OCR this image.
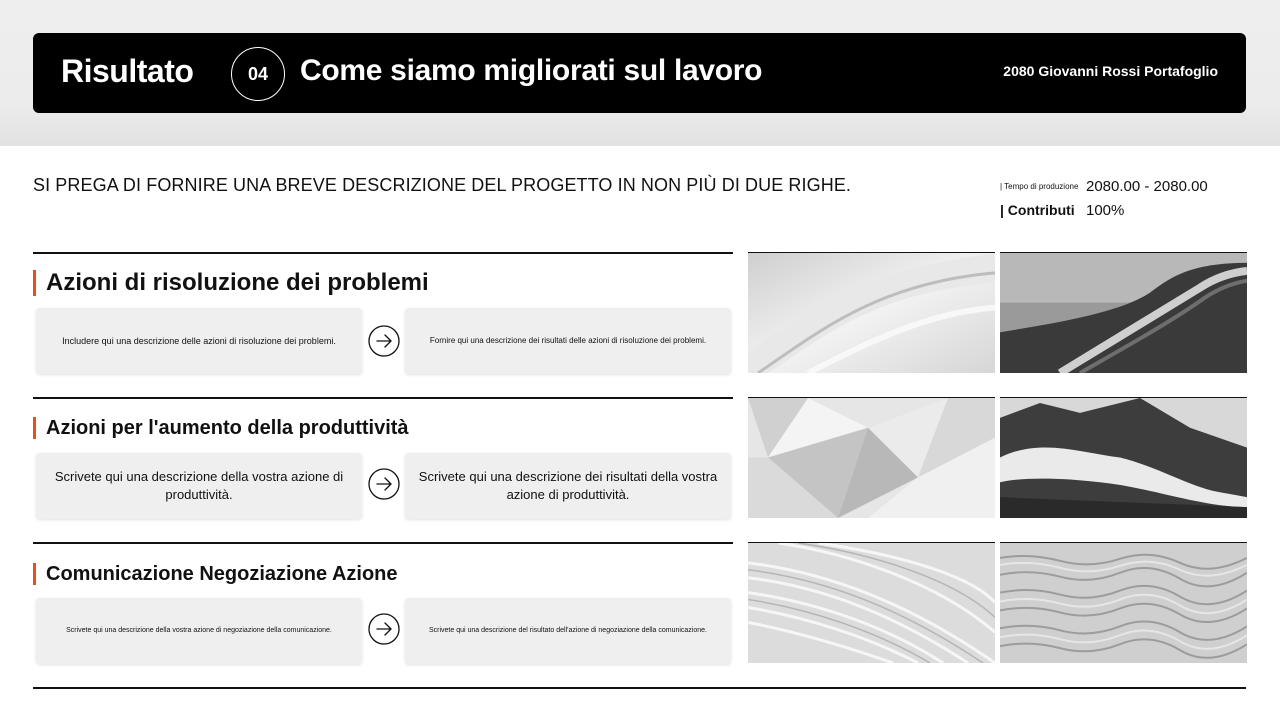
Risultato	04	Come siamo migliorati sul lavoro	2080 Giovanni Rossi Portafoglio
SI PREGA DI FORNIRE UNA BREVE DESCRIZIONE DEL PROGETTO IN NON PIÙ DI DUE RIGHE.	| Tempo di produzione 2080.00 - 2080.00
| Contributi 100%
Azioni di risoluzione dei problemi
Includere qui una descrizione delle azioni di risoluzione dei problemi.	Fornire qui una descrizione dei risultati delle azioni di risoluzione dei problemi.
Azioni per l'aumento della produttività
Scrivete qui una descrizione della vostra azione di produttività.
Scrivete qui una descrizione dei risultati della vostra azione di produttività.
Comunicazione Negoziazione Azione
Scrivete qui una descrizione della vostra azione di negoziazione della comunicazione.	Scrivete qui una descrizione del risultato dell'azione di negoziazione della comunicazione.
